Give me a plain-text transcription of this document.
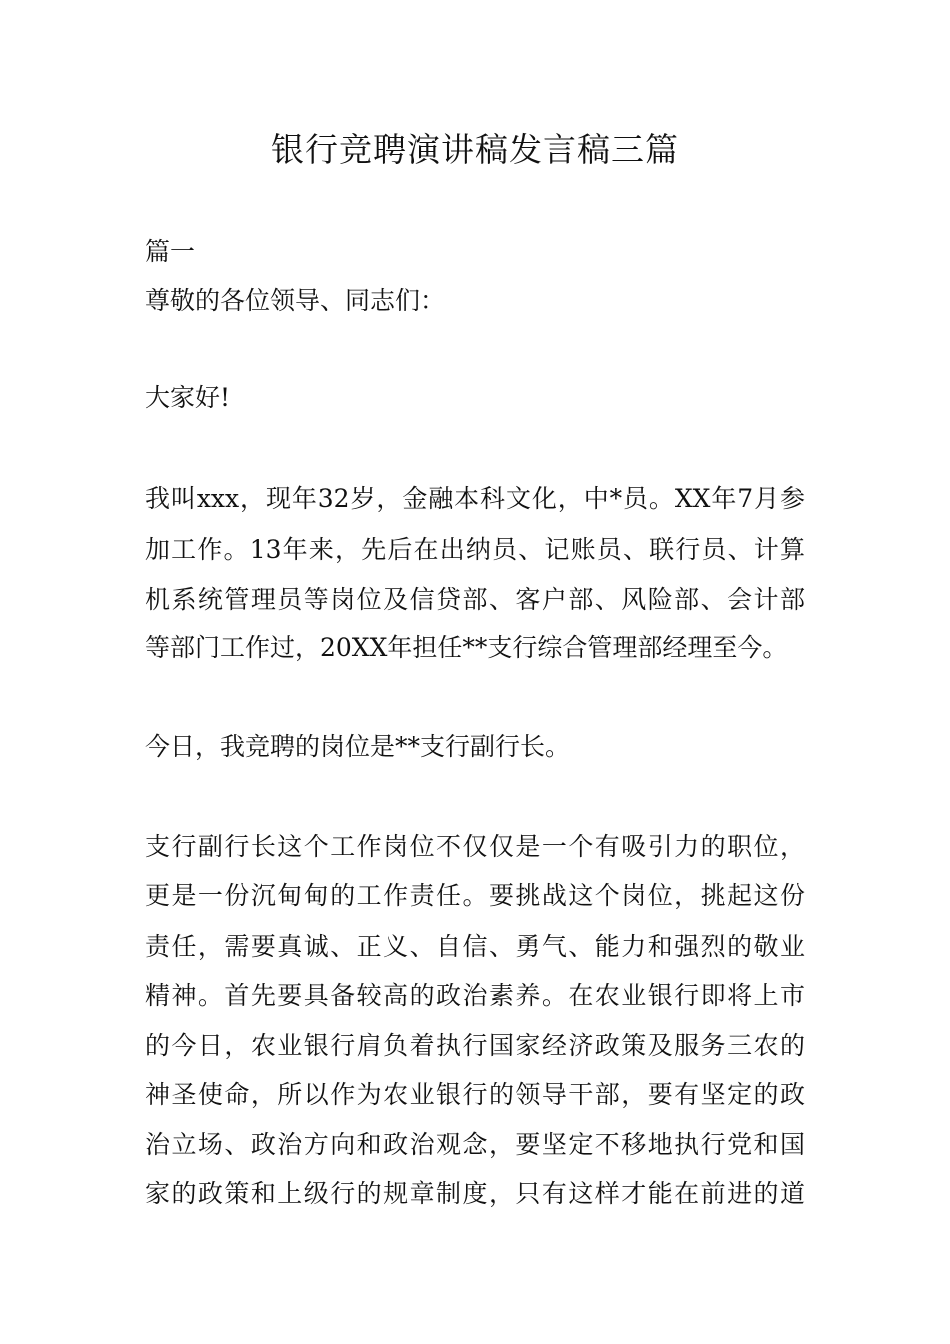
银行竞聘演讲稿发言稿三篇

篇一

尊敬的各位领导、同志们：

大家好!

我叫xxx，现年32岁，金融本科文化，中*员。XX年7月参

加工作。13年来，先后在出纳员、记账员、联行员、计算

机系统管理员等岗位及信贷部、客户部、风险部、会计部

等部门工作过，20XX年担任**支行综合管理部经理至今。

今日，我竞聘的岗位是**支行副行长。

支行副行长这个工作岗位不仅仅是一个有吸引力的职位，

更是一份沉甸甸的工作责任。要挑战这个岗位，挑起这份

责任，需要真诚、正义、自信、勇气、能力和强烈的敬业

精神。首先要具备较高的政治素养。在农业银行即将上市

的今日，农业银行肩负着执行国家经济政策及服务三农的

神圣使命，所以作为农业银行的领导干部，要有坚定的政

治立场、政治方向和政治观念，要坚定不移地执行党和国

家的政策和上级行的规章制度，只有这样才能在前进的道
